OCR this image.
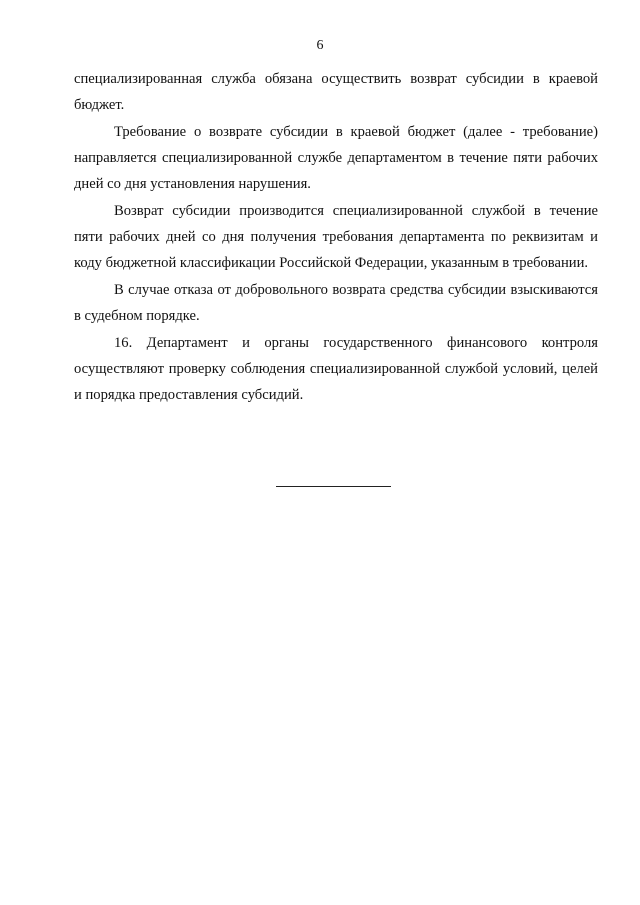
6

специализированная служба обязана осуществить возврат субсидии в краевой бюджет.

Требование о возврате субсидии в краевой бюджет (далее - требование) направляется специализированной службе департаментом в течение пяти рабочих дней со дня установления нарушения.

Возврат субсидии производится специализированной службой в течение пяти рабочих дней со дня получения требования департамента по реквизитам и коду бюджетной классификации Российской Федерации, указанным в требовании.

В случае отказа от добровольного возврата средства субсидии взыскиваются в судебном порядке.

16. Департамент и органы государственного финансового контроля осуществляют проверку соблюдения специализированной службой условий, целей и порядка предоставления субсидий.
